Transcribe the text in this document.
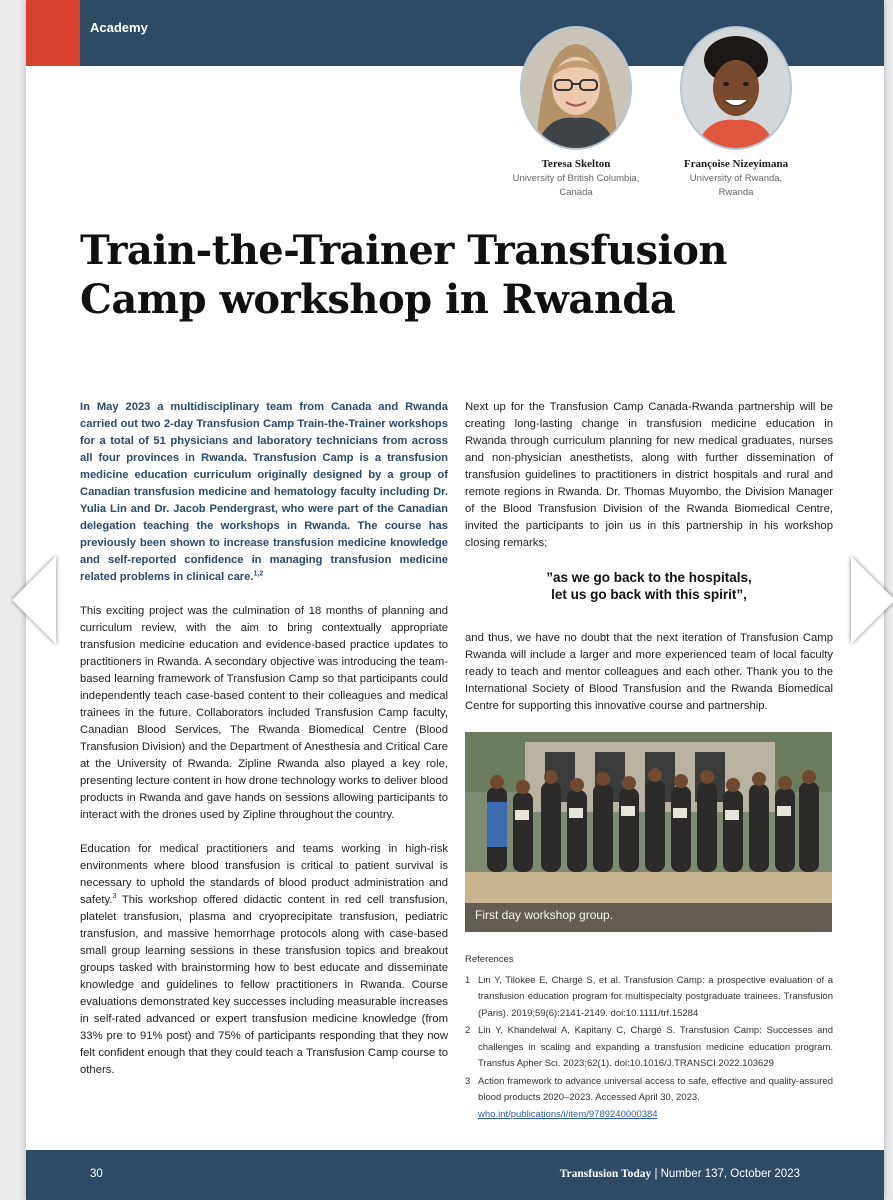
Academy
Teresa Skelton
University of British Columbia,
Canada
Françoise Nizeyimana
University of Rwanda,
Rwanda
Train-the-Trainer Transfusion Camp workshop in Rwanda

In May 2023 a multidisciplinary team from Canada and Rwanda carried out two 2-day Transfusion Camp Train-the-Trainer workshops for a total of 51 physicians and laboratory technicians from across all four provinces in Rwanda. Transfusion Camp is a transfusion medicine education curriculum originally designed by a group of Canadian transfusion medicine and hematology faculty including Dr. Yulia Lin and Dr. Jacob Pendergrast, who were part of the Canadian delegation teaching the workshops in Rwanda. The course has previously been shown to increase transfusion medicine knowledge and self-reported confidence in managing transfusion medicine related problems in clinical care.$^{1,2}$

This exciting project was the culmination of 18 months of planning and curriculum review, with the aim to bring contextually appropriate transfusion medicine education and evidence-based practice updates to practitioners in Rwanda. A secondary objective was introducing the team-based learning framework of Transfusion Camp so that participants could independently teach case-based content to their colleagues and medical trainees in the future. Collaborators included Transfusion Camp faculty, Canadian Blood Services, The Rwanda Biomedical Centre (Blood Transfusion Division) and the Department of Anesthesia and Critical Care at the University of Rwanda. Zipline Rwanda also played a key role, presenting lecture content in how drone technology works to deliver blood products in Rwanda and gave hands on sessions allowing participants to interact with the drones used by Zipline throughout the country.

Education for medical practitioners and teams working in high-risk environments where blood transfusion is critical to patient survival is necessary to uphold the standards of blood product administration and safety.$^3$ This workshop offered didactic content in red cell transfusion, platelet transfusion, plasma and cryoprecipitate transfusion, pediatric transfusion, and massive hemorrhage protocols along with case-based small group learning sessions in these transfusion topics and breakout groups tasked with brainstorming how to best educate and disseminate knowledge and guidelines to fellow practitioners in Rwanda. Course evaluations demonstrated key successes including measurable increases in self-rated advanced or expert transfusion medicine knowledge (from 33% pre to 91% post) and 75% of participants responding that they now felt confident enough that they could teach a Transfusion Camp course to others.

Next up for the Transfusion Camp Canada-Rwanda partnership will be creating long-lasting change in transfusion medicine education in Rwanda through curriculum planning for new medical graduates, nurses and non-physician anesthetists, along with further dissemination of transfusion guidelines to practitioners in district hospitals and rural and remote regions in Rwanda. Dr. Thomas Muyombo, the Division Manager of the Blood Transfusion Division of the Rwanda Biomedical Centre, invited the participants to join us in this partnership in his workshop closing remarks;

”as we go back to the hospitals,
let us go back with this spirit”,

and thus, we have no doubt that the next iteration of Transfusion Camp Rwanda will include a larger and more experienced team of local faculty ready to teach and mentor colleagues and each other. Thank you to the International Society of Blood Transfusion and the Rwanda Biomedical Centre for supporting this innovative course and partnership.

First day workshop group.
References
1 Lin Y, Tilokee E, Chargé S, et al. Transfusion Camp: a prospective evaluation of a transfusion education program for multispecialty postgraduate trainees. Transfusion (Paris). 2019;59(6):2141-2149. doi:10.1111/trf.15284
2 Lin Y, Khandelwal A, Kapitany C, Chargé S. Transfusion Camp: Successes and challenges in scaling and expanding a transfusion medicine education program. Transfus Apher Sci. 2023;62(1). doi:10.1016/J.TRANSCI.2022.103629
3 Action framework to advance universal access to safe, effective and quality-assured blood products 2020–2023. Accessed April 30, 2023.
who.int/publications/i/item/9789240000384
30	Transfusion Today | Number 137, October 2023
